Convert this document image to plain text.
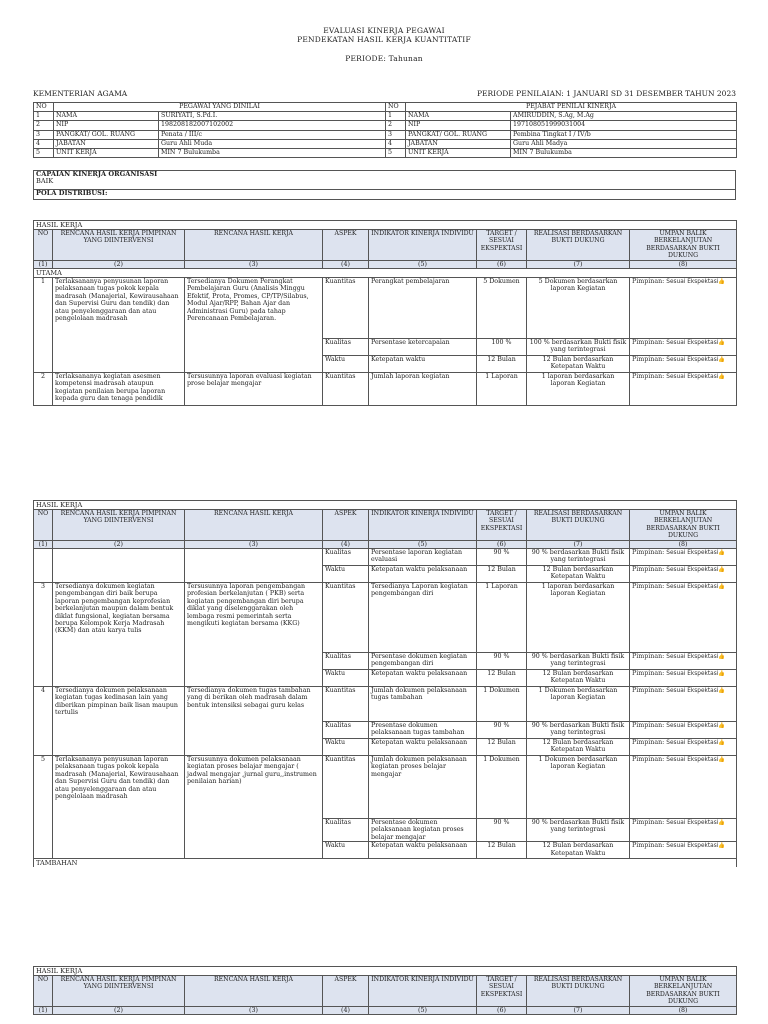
EVALUASI KINERJA PEGAWAI
PENDEKATAN HASIL KERJA KUANTITATIF
PERIODE: Tahunan
KEMENTERIAN AGAMA	PERIODE PENILAIAN: 1 JANUARI SD 31 DESEMBER TAHUN 2023
NO	PEGAWAI YANG DINILAI		NO	PEJABAT PENILAI KINERJA	
1	NAMA	SURIYATI, S.Pd.I.	1	NAMA	AMIRUDDIN, S.Ag, M.Ag
2	NIP	198208182007102002	2	NIP	197108051999031004
3	PANGKAT/ GOL. RUANG	Penata / III/c	3	PANGKAT/ GOL. RUANG	Pembina Tingkat I / IV/b
4	JABATAN	Guru Ahli Muda	4	JABATAN	Guru Ahli Madya
5	UNIT KERJA	MIN 7 Bulukumba	5	UNIT KERJA	MIN 7 Bulukumba
CAPAIAN KINERJA ORGANISASI
BAIK

POLA DISTRIBUSI:
HASIL KERJA							
NO	RENCANA HASIL KERJA PIMPINAN YANG DIINTERVENSI	RENCANA HASIL KERJA	ASPEK	INDIKATOR KINERJA INDIVIDU	TARGET / SESUAI EKSPEKTASI	REALISASI BERDASARKAN BUKTI DUKUNG	UMPAN BALIK BERKELANJUTAN BERDASARKAN BUKTI DUKUNG
(1)	(2)	(3)	(4)	(5)	(6)	(7)	(8)
UTAMA							
1	Terlaksananya penyusunan laporan pelaksanaan tugas pokok kepala madrasah (Manajerial, Kewirausahaan dan Supervisi Guru dan tendik) dan atau penyelenggaraan dan atau pengelolaan madrasah	Tersedianya Dokumen Perangkat Pembelajaran Guru (Analisis Minggu Efektif, Prota, Promes, CP/TP/Silabus, Modul Ajar/RPP, Bahan Ajar dan Administrasi Guru) pada tahap Perencanaan Pembelajaran.	Kuantitas	Perangkat pembelajaran	5 Dokumen	5 Dokumen berdasarkan laporan Kegiatan	Pimpinan: Sesuai Ekspektasi👍
			Kualitas	Persentase ketercapaian	100 %	100 % berdasarkan Bukti fisik yang terintegrasi	Pimpinan: Sesuai Ekspektasi👍
			Waktu	Ketepatan waktu	12 Bulan	12 Bulan berdasarkan Ketepatan Waktu	Pimpinan: Sesuai Ekspektasi👍
2	Terlaksananya kegiatan asesmen kompetensi madrasah ataupun kegiatan penilaian berupa laporan kepada guru dan tenaga pendidik	Tersusunnya laporan evaluasi kegiatan prose belajar mengajar	Kuantitas	Jumlah laporan kegiatan	1 Laporan	1 laporan berdasarkan laporan Kegiatan	Pimpinan: Sesuai Ekspektasi👍
HASIL KERJA							
NO	RENCANA HASIL KERJA PIMPINAN YANG DIINTERVENSI	RENCANA HASIL KERJA	ASPEK	INDIKATOR KINERJA INDIVIDU	TARGET / SESUAI EKSPEKTASI	REALISASI BERDASARKAN BUKTI DUKUNG	UMPAN BALIK BERKELANJUTAN BERDASARKAN BUKTI DUKUNG
(1)	(2)	(3)	(4)	(5)	(6)	(7)	(8)
			Kualitas	Persentase laporan kegiatan evaluasi	90 %	90 % berdasarkan Bukti fisik yang terintegrasi	Pimpinan: Sesuai Ekspektasi👍
			Waktu	Ketepatan waktu pelaksanaan	12 Bulan	12 Bulan berdasarkan Ketepatan Waktu	Pimpinan: Sesuai Ekspektasi👍
3	Tersedianya dokumen kegiatan pengembangan diri baik berupa laporan pengembangan keprofesian berkelanjutan maupun dalam bentuk diklat fungsional, kegiatan bersama berupa Kelompok Kerja Madrasah (KKM) dan atau karya tulis	Tersusunnya laporan pengembangan profesian berkelanjutan ( PKB) serta kegiatan pengembangan diri berupa diklat yang diselenggarakan oleh lembaga resmi pemerintah serta mengikuti kegiatan bersama (KKG)	Kuantitas	Tersedianya Laporan kegiatan pengembangan diri	1 Laporan	1 laporan berdasarkan laporan Kegiatan	Pimpinan: Sesuai Ekspektasi👍
			Kualitas	Persentase dokumen kegiatan pengembangan diri	90 %	90 % berdasarkan Bukti fisik yang terintegrasi	Pimpinan: Sesuai Ekspektasi👍
			Waktu	Ketepatan waktu pelaksanaan	12 Bulan	12 Bulan berdasarkan Ketepatan Waktu	Pimpinan: Sesuai Ekspektasi👍
4	Tersedianya dokumen pelaksanaan kegiatan tugas kedinasan lain yang diberikan pimpinan baik lisan maupun tertulis	Tersedianya dokumen tugas tambahan yang di berikan oleh madrasah dalam bentuk intensiksi sebagai guru kelas	Kuantitas	Jumlah dokumen pelaksanaan tugas tambahan	1 Dokumen	1 Dokumen berdasarkan laporan Kegiatan	Pimpinan: Sesuai Ekspektasi👍
			Kualitas	Presentase dokumen pelaksanaan tugas tambahan	90 %	90 % berdasarkan Bukti fisik yang terintegrasi	Pimpinan: Sesuai Ekspektasi👍
			Waktu	Ketepatan waktu pelaksanaan	12 Bulan	12 Bulan berdasarkan Ketepatan Waktu	Pimpinan: Sesuai Ekspektasi👍
5	Terlaksananya penyusunan laporan pelaksanaan tugas pokok kepala madrasah (Manajerial, Kewirausahaan dan Supervisi Guru dan tendik) dan atau penyelenggaraan dan atau pengelolaan madrasah	Tersusunnya dokumen pelaksanaan kegiatan proses belajar mengajar ( jadwal mengajar ,jurnal guru,,instrumen penilaian harian)	Kuantitas	Jumlah dokumen pelaksanaan kegiatan proses belajar mengajar	1 Dokumen	1 Dokumen berdasarkan laporan Kegiatan	Pimpinan: Sesuai Ekspektasi👍
			Kualitas	Persentase dokumen pelaksanaan kegiatan proses belajar mengajar	90 %	90 % berdasarkan Bukti fisik yang terintegrasi	Pimpinan: Sesuai Ekspektasi👍
			Waktu	Ketepatan waktu pelaksanaan	12 Bulan	12 Bulan berdasarkan Ketepatan Waktu	Pimpinan: Sesuai Ekspektasi👍
TAMBAHAN							
HASIL KERJA							
NO	RENCANA HASIL KERJA PIMPINAN YANG DIINTERVENSI	RENCANA HASIL KERJA	ASPEK	INDIKATOR KINERJA INDIVIDU	TARGET / SESUAI EKSPEKTASI	REALISASI BERDASARKAN BUKTI DUKUNG	UMPAN BALIK BERKELANJUTAN BERDASARKAN BUKTI DUKUNG
(1)	(2)	(3)	(4)	(5)	(6)	(7)	(8)
